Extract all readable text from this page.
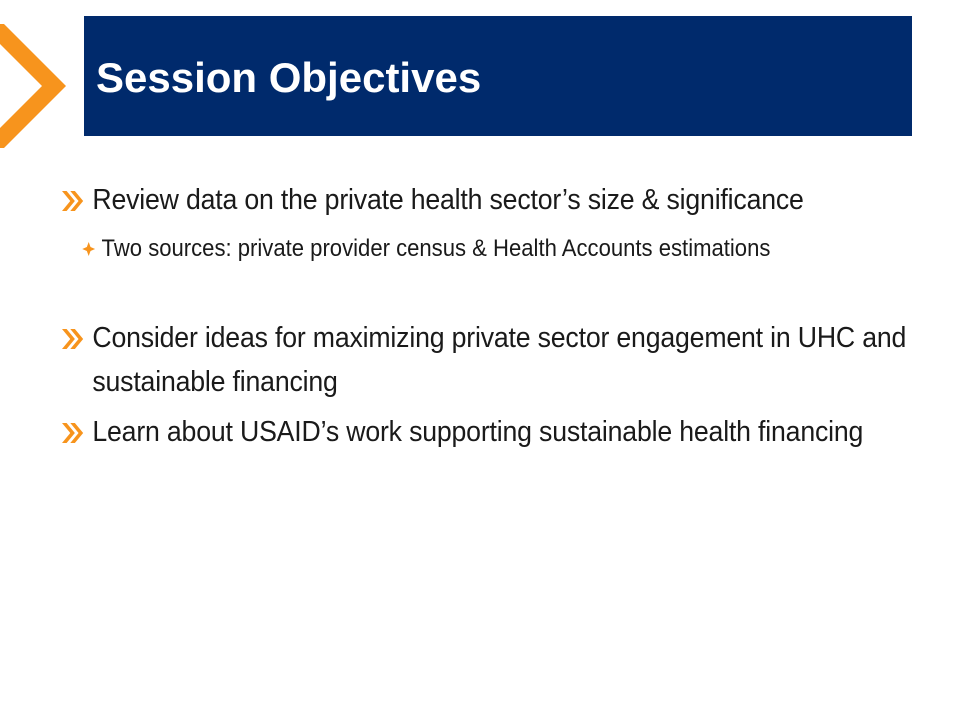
Session Objectives
Review data on the private health sector’s size & significance
Two sources: private provider census & Health Accounts estimations
Consider ideas for maximizing private sector engagement in UHC and sustainable financing
Learn about USAID’s work supporting sustainable health financing
